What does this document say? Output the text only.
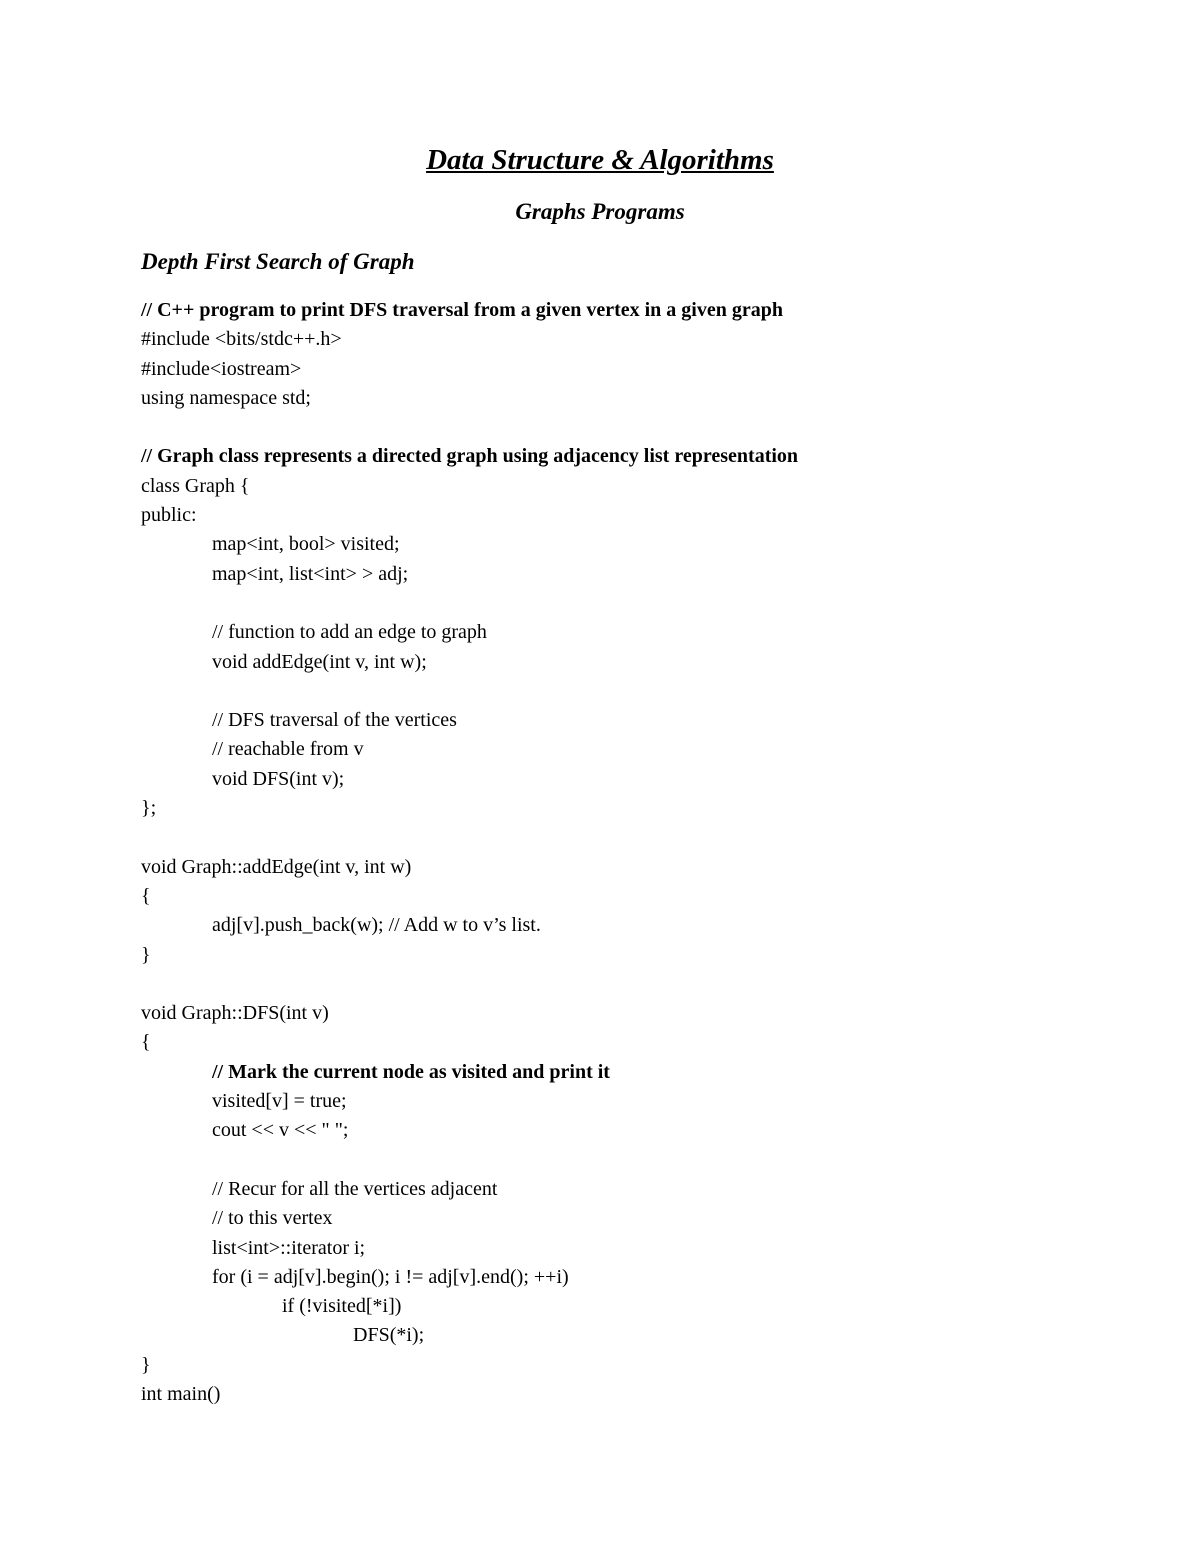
Data Structure & Algorithms
Graphs Programs
Depth First Search of Graph
// C++ program to print DFS traversal from a given vertex in a given graph
#include <bits/stdc++.h>
#include<iostream>
using namespace std;
// Graph class represents a directed graph using adjacency list representation
class Graph {
public:
map<int, bool> visited;
map<int, list<int> > adj;
// function to add an edge to graph
void addEdge(int v, int w);
// DFS traversal of the vertices
// reachable from v
void DFS(int v);
};
void Graph::addEdge(int v, int w)
{
adj[v].push_back(w); // Add w to v’s list.
}
void Graph::DFS(int v)
{
// Mark the current node as visited and print it
visited[v] = true;
cout << v << " ";
// Recur for all the vertices adjacent
// to this vertex
list<int>::iterator i;
for (i = adj[v].begin(); i != adj[v].end(); ++i)
if (!visited[*i])
DFS(*i);
}
int main()
